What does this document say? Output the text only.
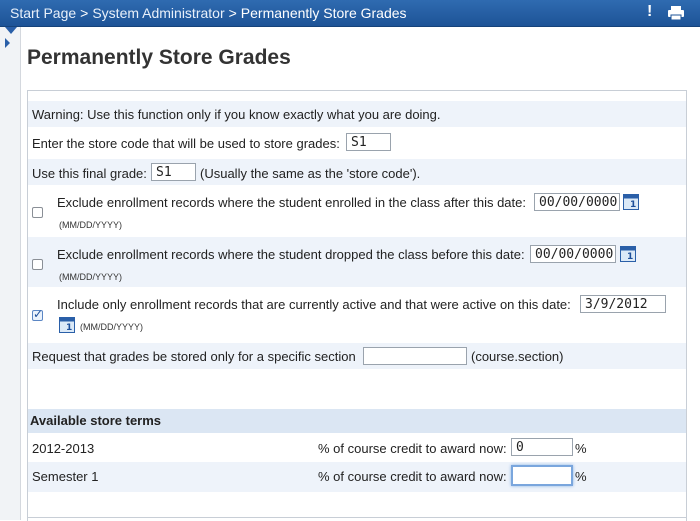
Start Page > System Administrator > Permanently Store Grades	!
Permanently Store Grades
Warning: Use this function only if you know exactly what you are doing.
Enter the store code that will be used to store grades: S1
Use this final grade: S1	(Usually the same as the 'store code').
Exclude enrollment records where the student enrolled in the class after this date:	00/00/0000	1
(MM/DD/YYYY)
Exclude enrollment records where the student dropped the class before this date: 00/00/0000	1
(MM/DD/YYYY)
✓
Include only enrollment records that are currently active and that were active on this date:	3/9/2012
1 (MM/DD/YYYY)
Request that grades be stored only for a specific section	(course.section)
Available store terms
2012-2013	% of course credit to award now: 0	%
Semester 1	% of course credit to award now:	%
